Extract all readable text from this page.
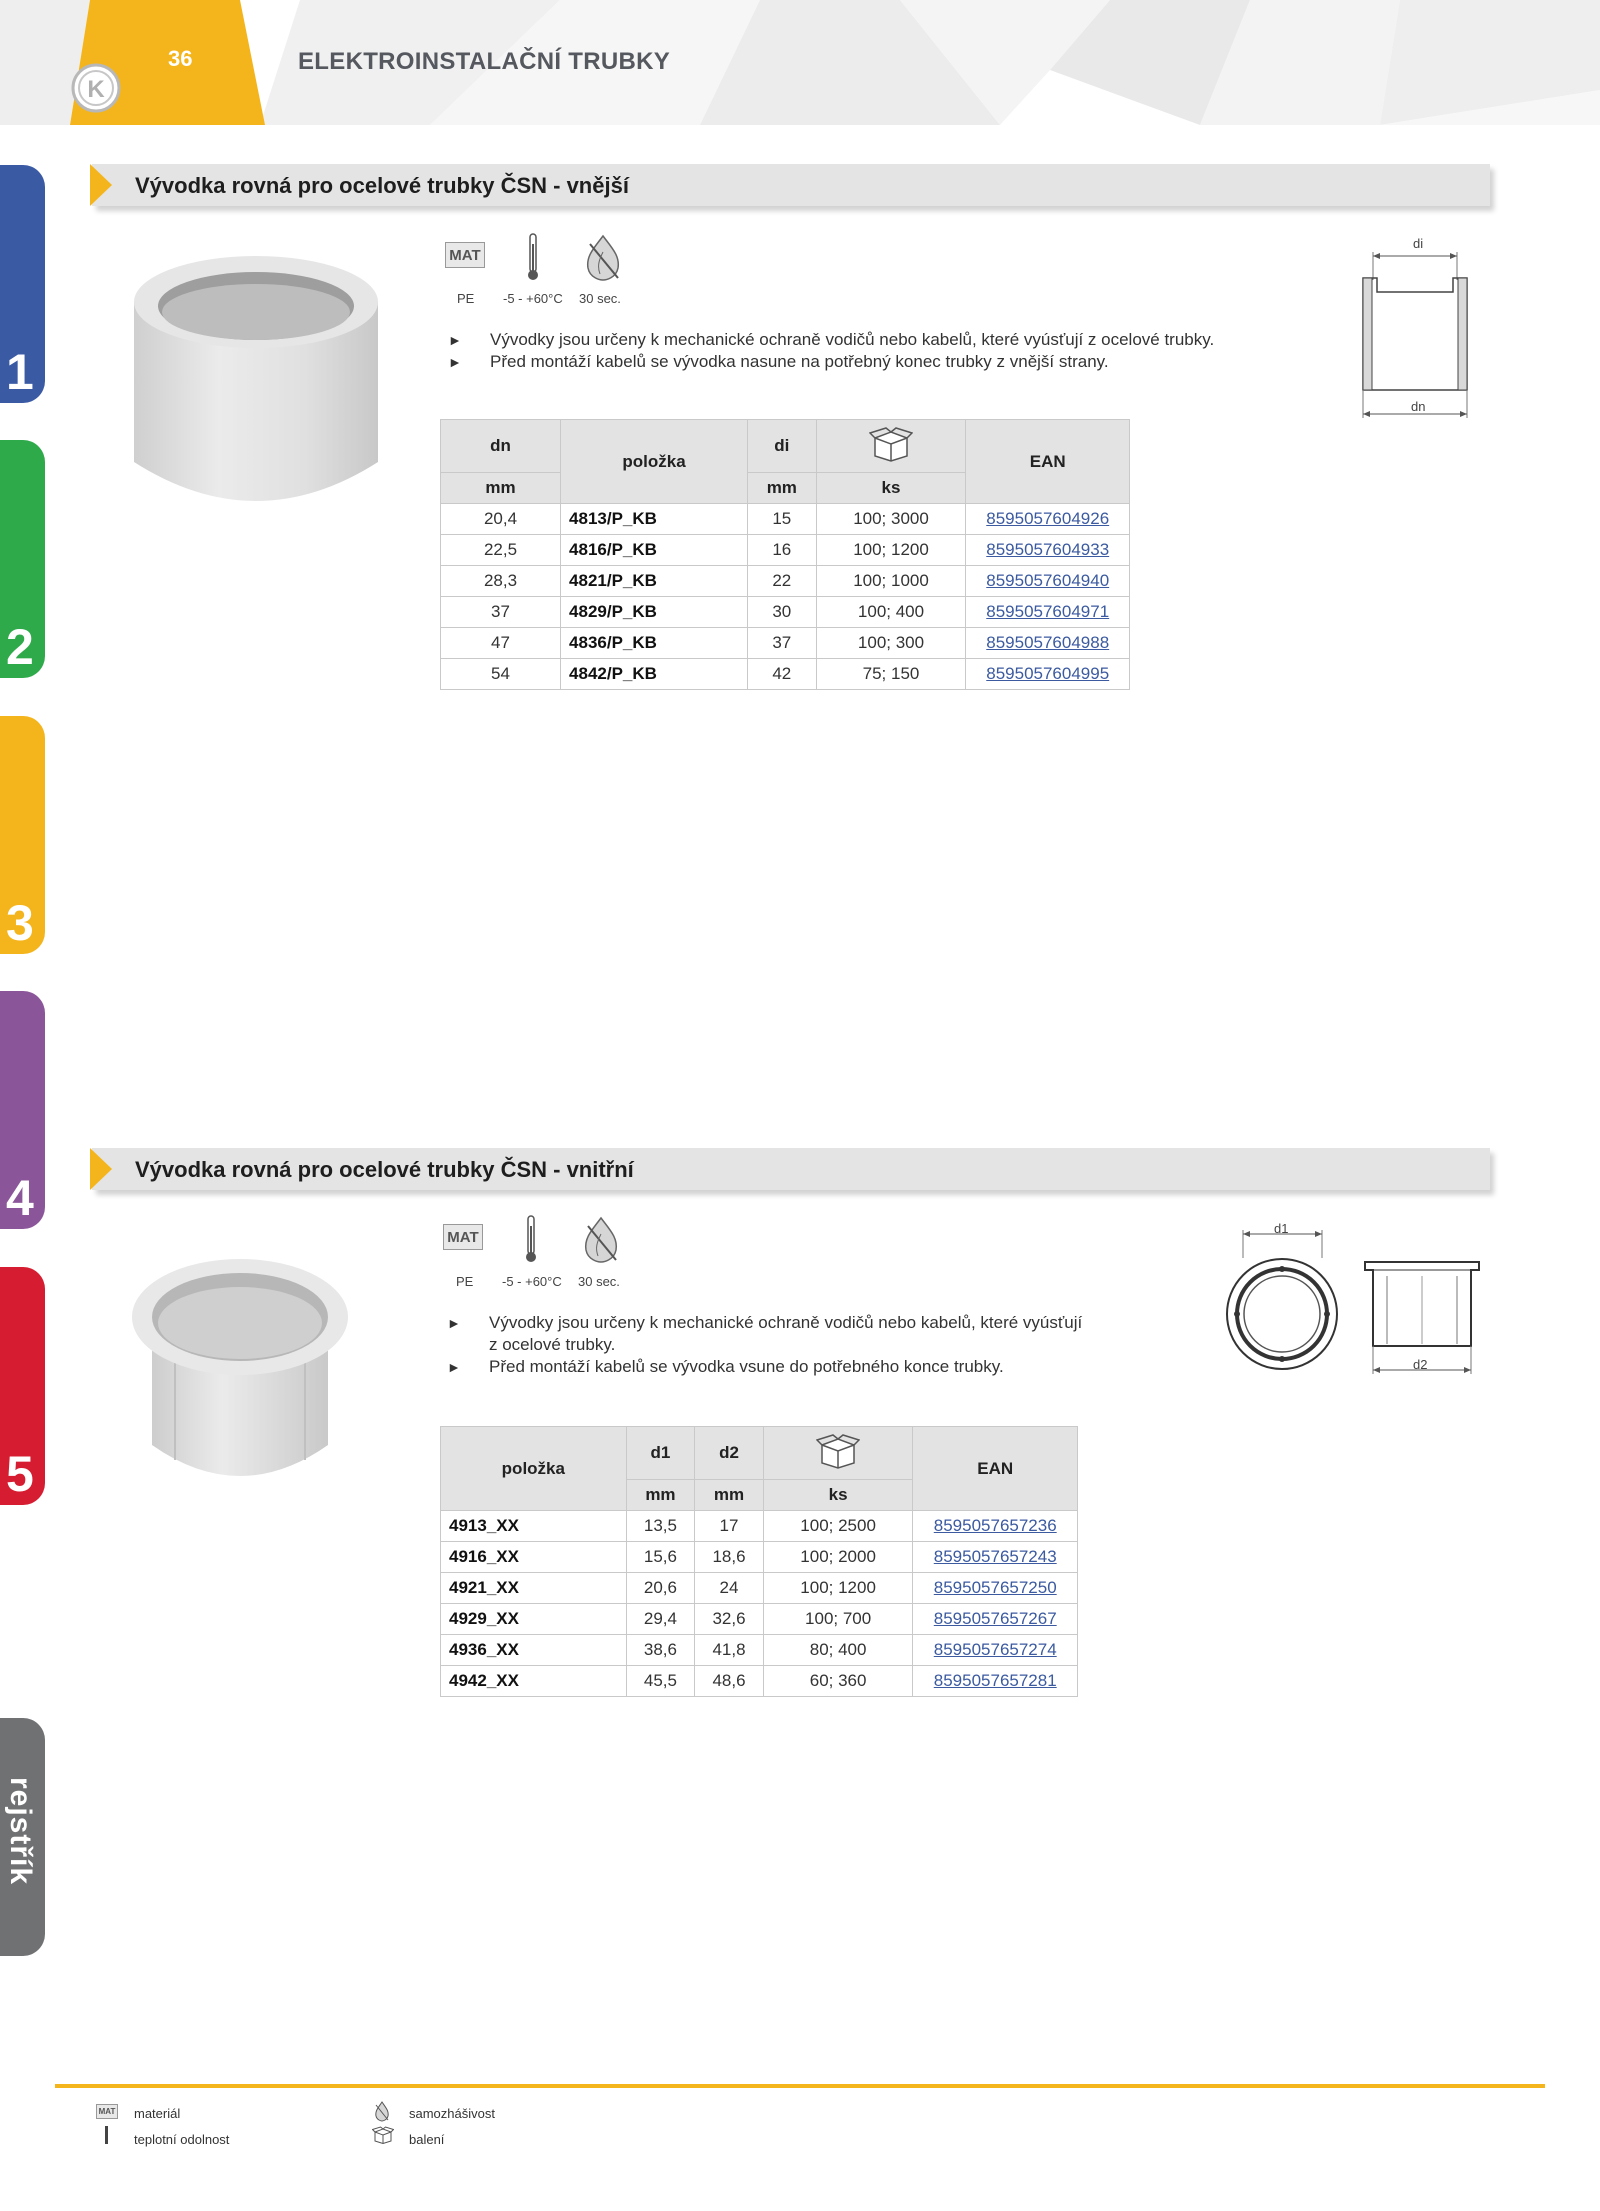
K
36	ELEKTROINSTALAČNÍ TRUBKY
1
2
3
4
5
rejstřík
Vývodka rovná pro ocelové trubky ČSN - vnější
MAT
PE -5 - +60°C 30 sec.
► Vývodky jsou určeny k mechanické ochraně vodičů nebo kabelů, které vyúsťují z ocelové trubky.
► Před montáží kabelů se vývodka nasune na potřebný konec trubky z vnější strany.
di
dn
dn	položka	di		EAN
mm		mm	ks	
20,4	4813/P_KB	15	100; 3000	8595057604926
22,5	4816/P_KB	16	100; 1200	8595057604933
28,3	4821/P_KB	22	100; 1000	8595057604940
37	4829/P_KB	30	100; 400	8595057604971
47	4836/P_KB	37	100; 300	8595057604988
54	4842/P_KB	42	75; 150	8595057604995
Vývodka rovná pro ocelové trubky ČSN - vnitřní
MAT
PE -5 - +60°C 30 sec.
► Vývodky jsou určeny k mechanické ochraně vodičů nebo kabelů, které vyúsťují
z ocelové trubky.
► Před montáží kabelů se vývodka vsune do potřebného konce trubky.
d1
d2
položka	d1	d2		EAN
	mm	mm	ks	
4913_XX	13,5	17	100; 2500	8595057657236
4916_XX	15,6	18,6	100; 2000	8595057657243
4921_XX	20,6	24	100; 1200	8595057657250
4929_XX	29,4	32,6	100; 700	8595057657267
4936_XX	38,6	41,8	80; 400	8595057657274
4942_XX	45,5	48,6	60; 360	8595057657281
MAT materiál
teplotní odolnost
samozhášivost
balení
